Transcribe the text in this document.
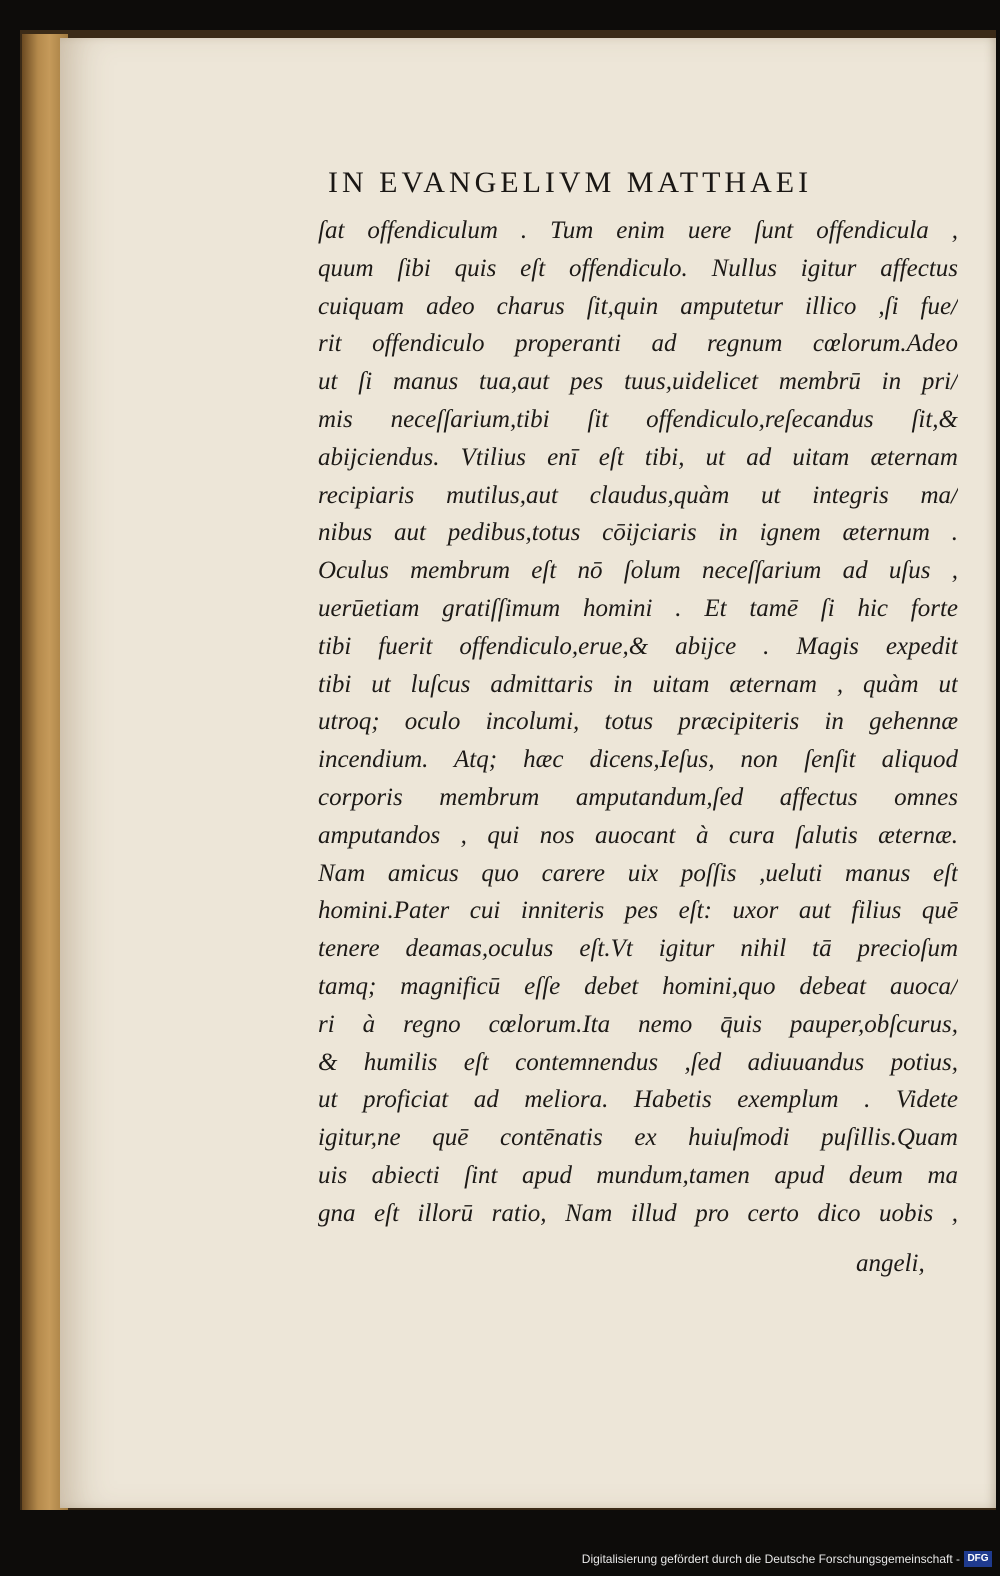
IN EVANGELIVM MATTHAEI
ſat offendiculum . Tum enim uere ſunt offendicula ,
quum ſibi quis eſt offendiculo. Nullus igitur affectus
cuiquam adeo charus ſit,quin amputetur illico ,ſi fue/
rit offendiculo properanti ad regnum cœlorum.Adeo
ut ſi manus tua,aut pes tuus,uidelicet membrū in pri/
mis neceſſarium,tibi ſit offendiculo,reſecandus ſit,&
abijciendus. Vtilius enī eſt tibi, ut ad uitam æternam
recipiaris mutilus,aut claudus,quàm ut integris ma/
nibus aut pedibus,totus cōijciaris in ignem æternum .
Oculus membrum eſt nō ſolum neceſſarium ad uſus ,
uerūetiam gratiſſimum homini . Et tamē ſi hic forte
tibi fuerit offendiculo,erue,& abijce . Magis expedit
tibi ut luſcus admittaris in uitam æternam , quàm ut
utroq; oculo incolumi, totus præcipiteris in gehennæ
incendium. Atq; hæc dicens,Ieſus, non ſenſit aliquod
corporis membrum amputandum,ſed affectus omnes
amputandos , qui nos auocant à cura ſalutis æternæ.
Nam amicus quo carere uix poſſis ,ueluti manus eſt
homini.Pater cui inniteris pes eſt: uxor aut filius quē
tenere deamas,oculus eſt.Vt igitur nihil tā precioſum
tamq; magnificū eſſe debet homini,quo debeat auoca/
ri à regno cœlorum.Ita nemo q̄uis pauper,obſcurus,
& humilis eſt contemnendus ,ſed adiuuandus potius,
ut proficiat ad meliora. Habetis exemplum . Videte
igitur,ne quē contēnatis ex huiuſmodi puſillis.Quam
uis abiecti ſint apud mundum,tamen apud deum ma
gna eſt illorū ratio, Nam illud pro certo dico uobis ,
angeli,
Digitalisierung gefördert durch die Deutsche Forschungsgemeinschaft - DFG
